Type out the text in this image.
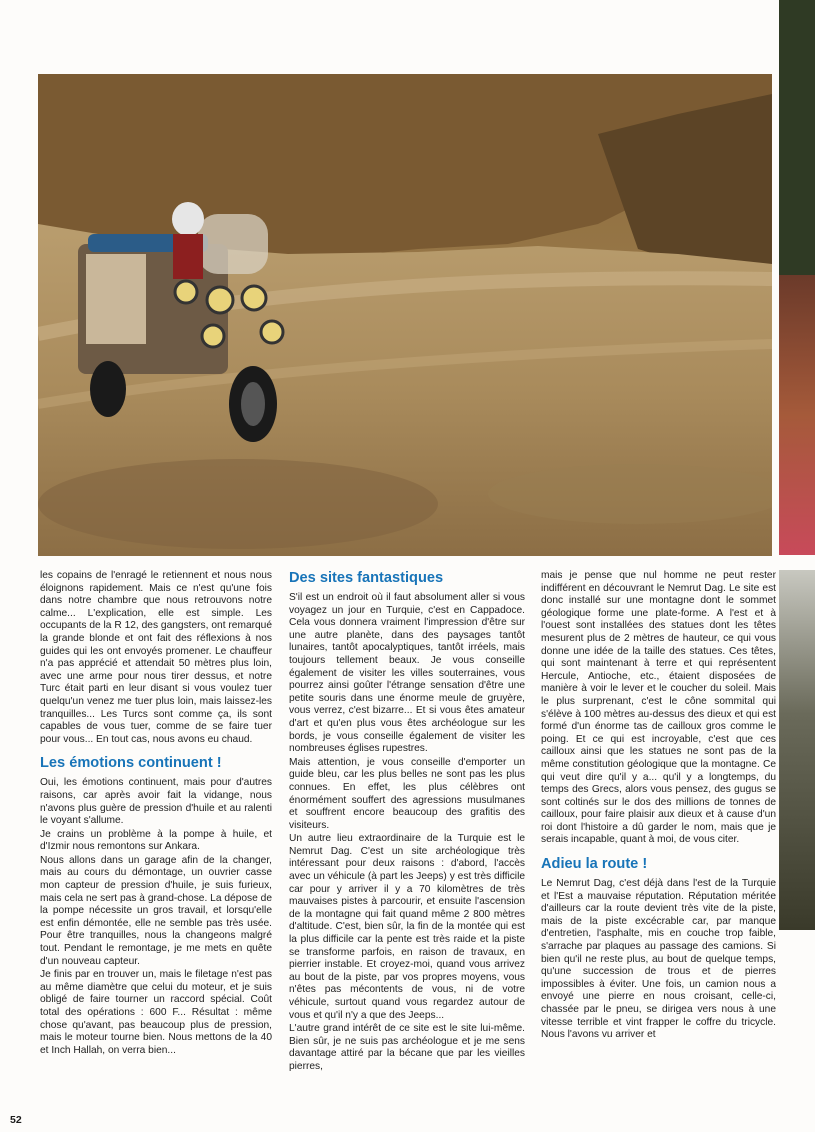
les copains de l'enragé le retiennent et nous nous éloignons rapidement. Mais ce n'est qu'une fois dans notre chambre que nous retrouvons notre calme... L'explication, elle est simple. Les occupants de la R 12, des gangsters, ont remarqué la grande blonde et ont fait des réflexions à nos guides qui les ont envoyés promener. Le chauffeur n'a pas apprécié et attendait 50 mètres plus loin, avec une arme pour nous tirer dessus, et notre Turc était parti en leur disant si vous voulez tuer quelqu'un venez me tuer plus loin, mais laissez-les tranquilles... Les Turcs sont comme ça, ils sont capables de vous tuer, comme de se faire tuer pour vous... En tout cas, nous avons eu chaud.

Les émotions continuent !

Oui, les émotions continuent, mais pour d'autres raisons, car après avoir fait la vidange, nous n'avons plus guère de pression d'huile et au ralenti le voyant s'allume.

Je crains un problème à la pompe à huile, et d'Izmir nous remontons sur Ankara.

Nous allons dans un garage afin de la changer, mais au cours du démontage, un ouvrier casse mon capteur de pression d'huile, je suis furieux, mais cela ne sert pas à grand-chose. La dépose de la pompe nécessite un gros travail, et lorsqu'elle est enfin démontée, elle ne semble pas très usée. Pour être tranquilles, nous la changeons malgré tout. Pendant le remontage, je me mets en quête d'un nouveau capteur.

Je finis par en trouver un, mais le filetage n'est pas au même diamètre que celui du moteur, et je suis obligé de faire tourner un raccord spécial. Coût total des opérations : 600 F... Résultat : même chose qu'avant, pas beaucoup plus de pression, mais le moteur tourne bien. Nous mettons de la 40 et Inch Hallah, on verra bien...

Des sites fantastiques

S'il est un endroit où il faut absolument aller si vous voyagez un jour en Turquie, c'est en Cappadoce. Cela vous donnera vraiment l'impression d'être sur une autre planète, dans des paysages tantôt lunaires, tantôt apocalyptiques, tantôt irréels, mais toujours tellement beaux. Je vous conseille également de visiter les villes souterraines, vous pourrez ainsi goûter l'étrange sensation d'être une petite souris dans une énorme meule de gruyère, vous verrez, c'est bizarre... Et si vous êtes amateur d'art et qu'en plus vous êtes archéologue sur les bords, je vous conseille également de visiter les nombreuses églises rupestres.

Mais attention, je vous conseille d'emporter un guide bleu, car les plus belles ne sont pas les plus connues. En effet, les plus célèbres ont énormément souffert des agressions musulmanes et souffrent encore beaucoup des grafitis des visiteurs.

Un autre lieu extraordinaire de la Turquie est le Nemrut Dag. C'est un site archéologique très intéressant pour deux raisons : d'abord, l'accès avec un véhicule (à part les Jeeps) y est très difficile car pour y arriver il y a 70 kilomètres de très mauvaises pistes à parcourir, et ensuite l'ascension de la montagne qui fait quand même 2 800 mètres d'altitude. C'est, bien sûr, la fin de la montée qui est la plus difficile car la pente est très raide et la piste se transforme parfois, en raison de travaux, en pierrier instable. Et croyez-moi, quand vous arrivez au bout de la piste, par vos propres moyens, vous n'êtes pas mécontents de vous, ni de votre véhicule, surtout quand vous regardez autour de vous et qu'il n'y a que des Jeeps...

L'autre grand intérêt de ce site est le site lui-même. Bien sûr, je ne suis pas archéologue et je me sens davantage attiré par la bécane que par les vieilles pierres,

mais je pense que nul homme ne peut rester indifférent en découvrant le Nemrut Dag. Le site est donc installé sur une montagne dont le sommet géologique forme une plate-forme. A l'est et à l'ouest sont installées des statues dont les têtes mesurent plus de 2 mètres de hauteur, ce qui vous donne une idée de la taille des statues. Ces têtes, qui sont maintenant à terre et qui représentent Hercule, Antioche, etc., étaient disposées de manière à voir le lever et le coucher du soleil. Mais le plus surprenant, c'est le cône sommital qui s'élève à 100 mètres au-dessus des dieux et qui est formé d'un énorme tas de cailloux gros comme le poing. Et ce qui est incroyable, c'est que ces cailloux ainsi que les statues ne sont pas de la même constitution géologique que la montagne. Ce qui veut dire qu'il y a... qu'il y a longtemps, du temps des Grecs, alors vous pensez, des gugus se sont coltinés sur le dos des millions de tonnes de cailloux, pour faire plaisir aux dieux et à cause d'un roi dont l'histoire a dû garder le nom, mais que je serais incapable, quant à moi, de vous citer.

Adieu la route !

Le Nemrut Dag, c'est déjà dans l'est de la Turquie et l'Est a mauvaise réputation. Réputation méritée d'ailleurs car la route devient très vite de la piste, mais de la piste excécrable car, par manque d'entretien, l'asphalte, mis en couche trop faible, s'arrache par plaques au passage des camions. Si bien qu'il ne reste plus, au bout de quelque temps, qu'une succession de trous et de pierres impossibles à éviter. Une fois, un camion nous a envoyé une pierre en nous croisant, celle-ci, chassée par le pneu, se dirigea vers nous à une vitesse terrible et vint frapper le coffre du tricycle. Nous l'avons vu arriver et

52
